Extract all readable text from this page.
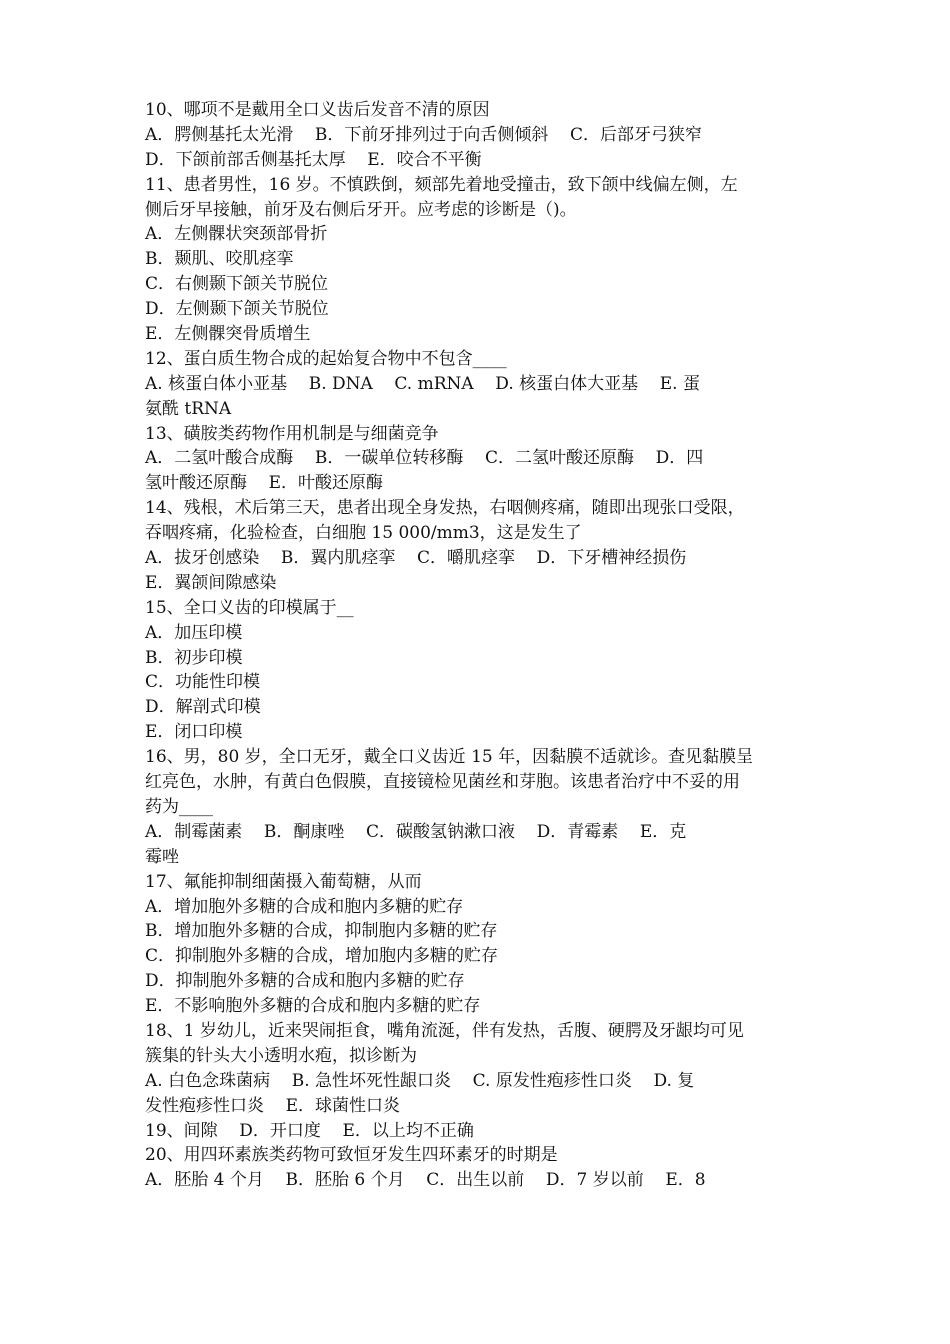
10、哪项不是戴用全口义齿后发音不清的原因
A．腭侧基托太光滑    B．下前牙排列过于向舌侧倾斜    C．后部牙弓狭窄
D．下颌前部舌侧基托太厚    E．咬合不平衡
11、患者男性，16 岁。不慎跌倒，颏部先着地受撞击，致下颌中线偏左侧，左
侧后牙早接触，前牙及右侧后牙开。应考虑的诊断是（)。
A．左侧髁状突颈部骨折
B．颞肌、咬肌痉挛
C．右侧颞下颌关节脱位
D．左侧颞下颌关节脱位
E．左侧髁突骨质增生
12、蛋白质生物合成的起始复合物中不包含____
A. 核蛋白体小亚基    B. DNA    C. mRNA    D. 核蛋白体大亚基    E. 蛋
氨酰 tRNA
13、磺胺类药物作用机制是与细菌竞争
A．二氢叶酸合成酶    B．一碳单位转移酶    C．二氢叶酸还原酶    D．四
氢叶酸还原酶    E．叶酸还原酶
14、残根，术后第三天，患者出现全身发热，右咽侧疼痛，随即出现张口受限，
吞咽疼痛，化验检查，白细胞 15 000/mm3，这是发生了
A．拔牙创感染    B．翼内肌痉挛    C．嚼肌痉挛    D．下牙槽神经损伤
E．翼颌间隙感染
15、全口义齿的印模属于__
A．加压印模
B．初步印模
C．功能性印模
D．解剖式印模
E．闭口印模
16、男，80 岁，全口无牙，戴全口义齿近 15 年，因黏膜不适就诊。查见黏膜呈
红亮色，水肿，有黄白色假膜，直接镜检见菌丝和芽胞。该患者治疗中不妥的用
药为____
A．制霉菌素    B．酮康唑    C．碳酸氢钠漱口液    D．青霉素    E．克
霉唑
17、氟能抑制细菌摄入葡萄糖，从而
A．增加胞外多糖的合成和胞内多糖的贮存
B．增加胞外多糖的合成，抑制胞内多糖的贮存
C．抑制胞外多糖的合成，增加胞内多糖的贮存
D．抑制胞外多糖的合成和胞内多糖的贮存
E．不影响胞外多糖的合成和胞内多糖的贮存
18、1 岁幼儿，近来哭闹拒食，嘴角流涎，伴有发热，舌腹、硬腭及牙龈均可见
簇集的针头大小透明水疱，拟诊断为
A. 白色念珠菌病    B. 急性坏死性龈口炎    C. 原发性疱疹性口炎    D. 复
发性疱疹性口炎    E．球菌性口炎
19、间隙    D．开口度    E．以上均不正确
20、用四环素族类药物可致恒牙发生四环素牙的时期是
A．胚胎 4 个月    B．胚胎 6 个月    C．出生以前    D．7 岁以前    E．8
